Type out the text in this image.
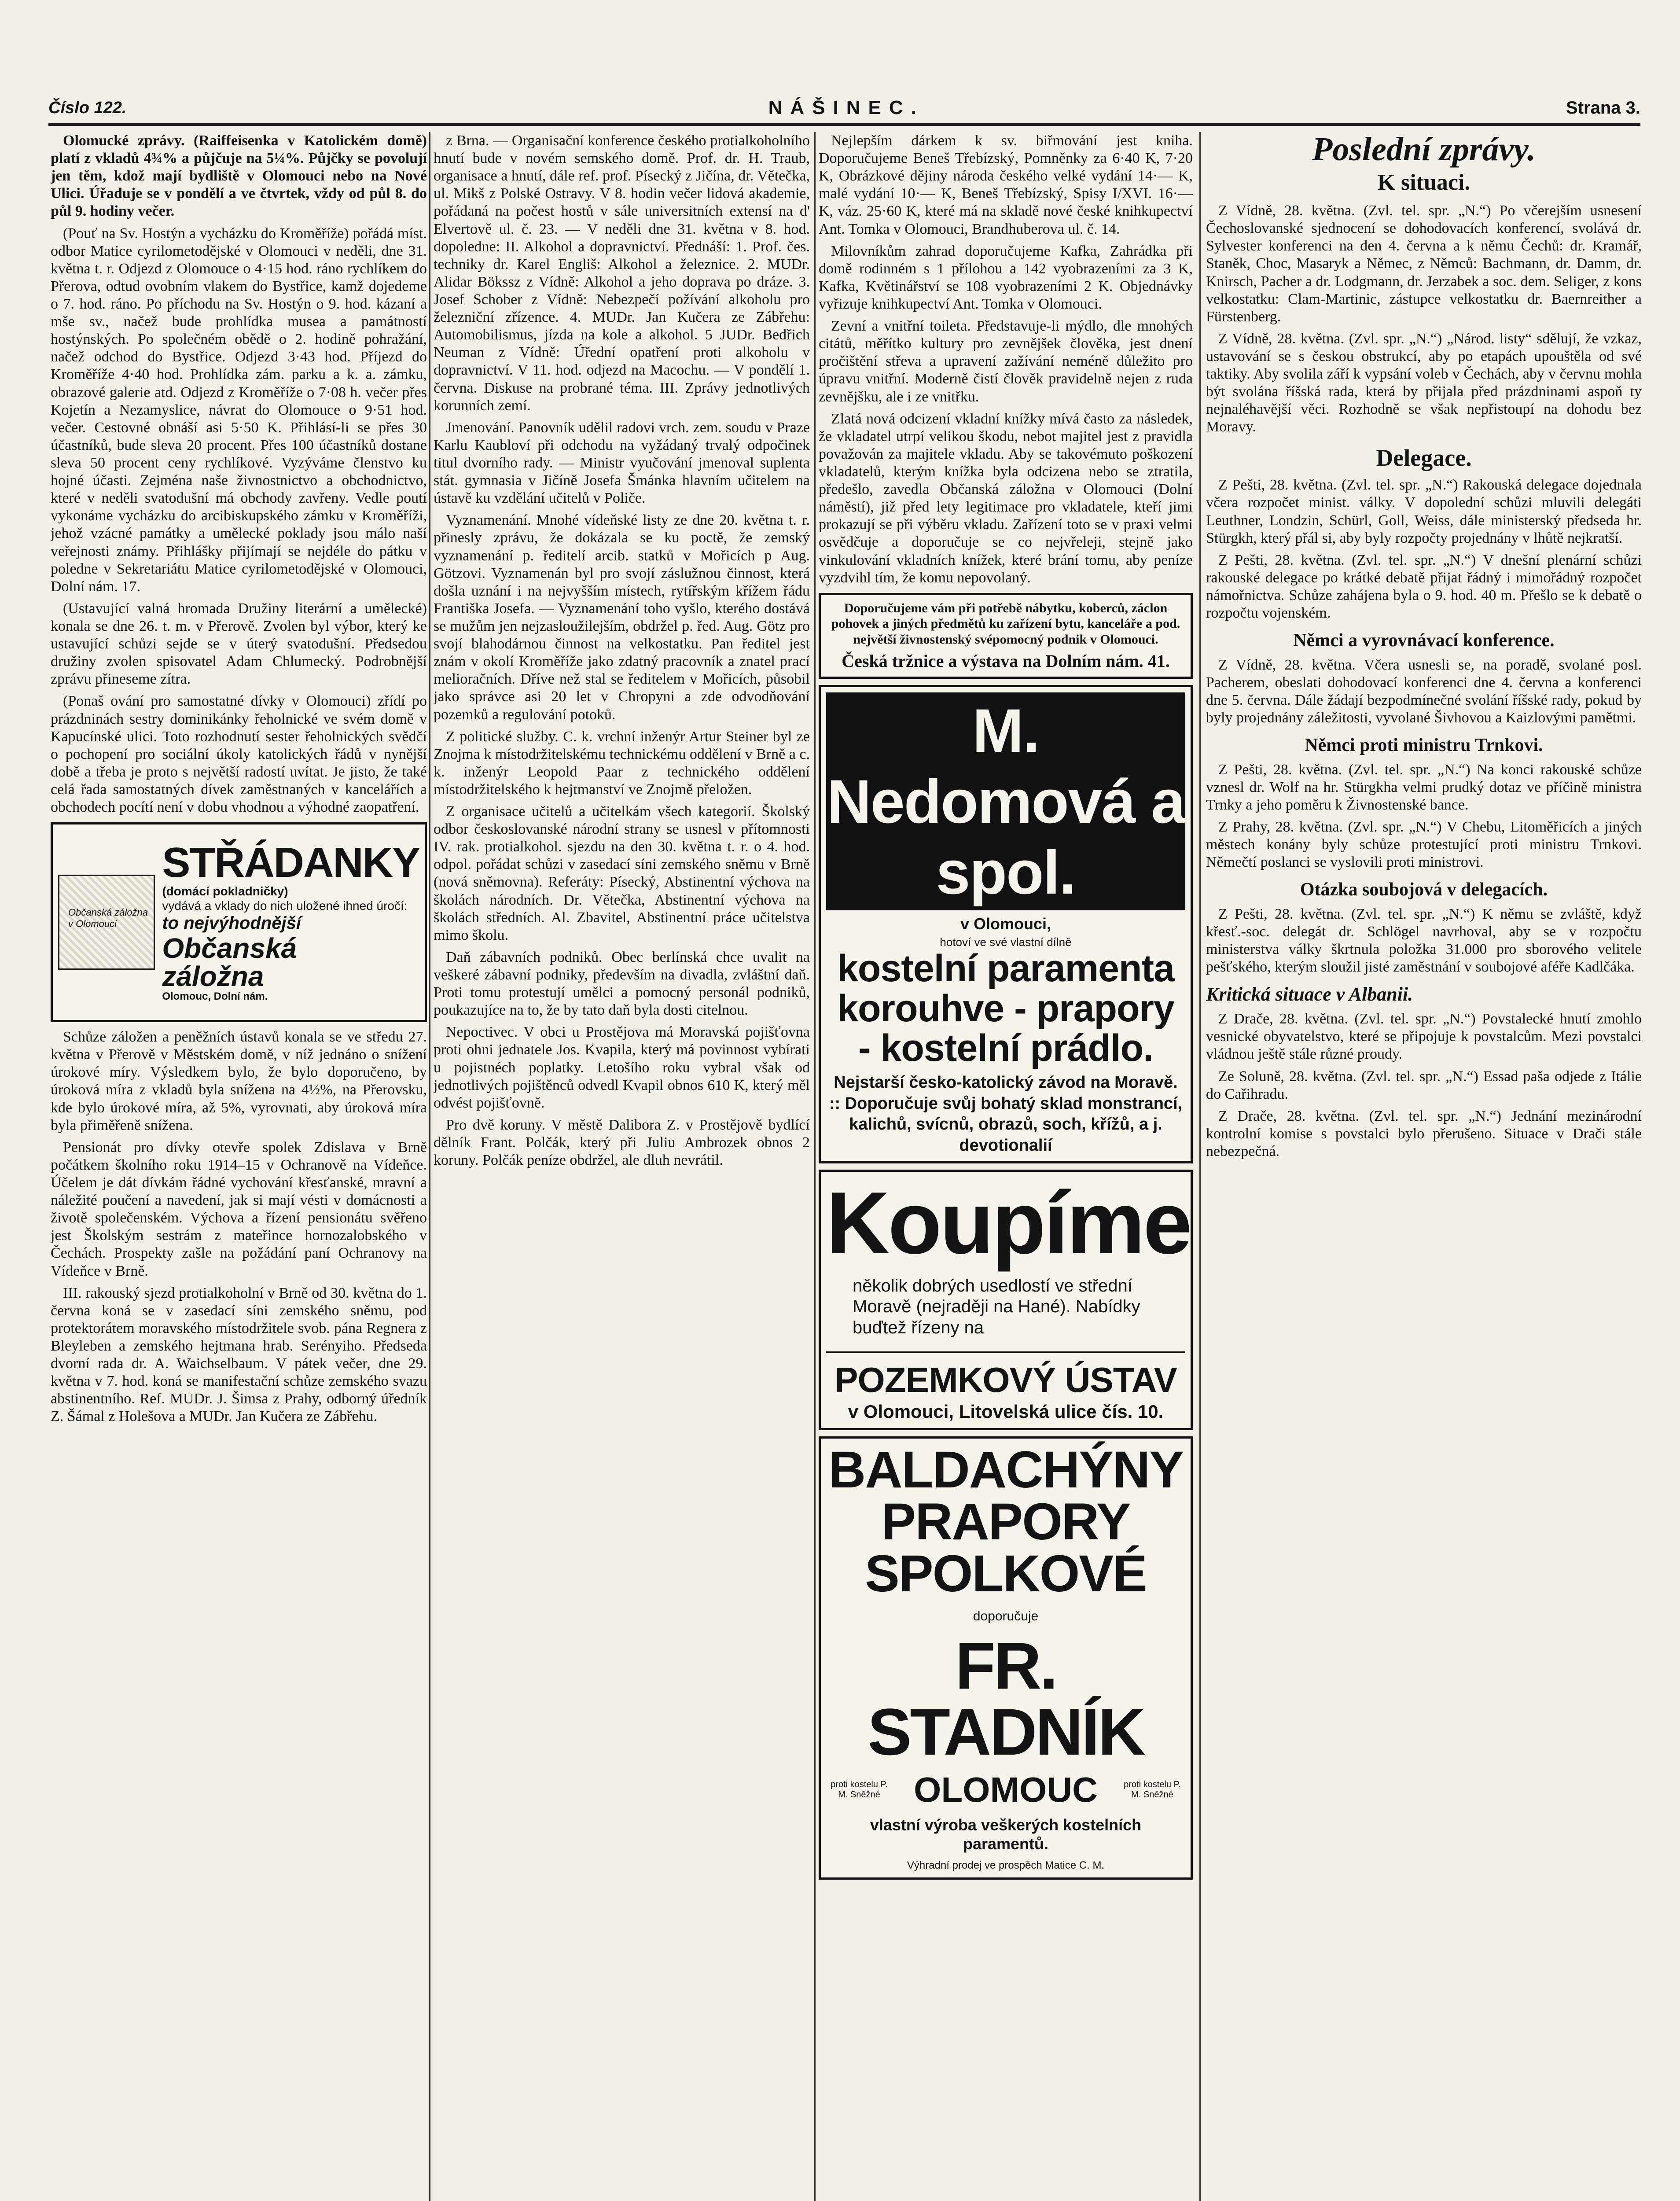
Číslo 122.	NÁŠINEC.	Strana 3.

Olomucké zprávy. (Raiffeisenka v Katolickém domě) platí z vkladů 4¾% a půjčuje na 5¼%. Půjčky se povolují jen těm, kdož mají bydliště v Olomouci nebo na Nové Ulici. Úřaduje se v pondělí a ve čtvrtek, vždy od půl 8. do půl 9. hodiny večer.

(Pouť na Sv. Hostýn a vycházku do Kroměříže) pořádá míst. odbor Matice cyrilometodějské v Olomouci v neděli, dne 31. května t. r. Odjezd z Olomouce o 4·15 hod. ráno rychlíkem do Přerova, odtud ovobním vlakem do Bystřice, kamž dojedeme o 7. hod. ráno. Po příchodu na Sv. Hostýn o 9. hod. kázaní a mše sv., načež bude prohlídka musea a památností hostýnských. Po společném obědě o 2. hodině pohražání, načež odchod do Bystřice. Odjezd 3·43 hod. Příjezd do Kroměříže 4·40 hod. Prohlídka zám. parku a k. a. zámku, obrazové galerie atd. Odjezd z Kroměříže o 7·08 h. večer přes Kojetín a Nezamyslice, návrat do Olomouce o 9·51 hod. večer. Cestovné obnáší asi 5·50 K. Přihlásí-li se přes 30 účastníků, bude sleva 20 procent. Přes 100 účastníků dostane sleva 50 procent ceny rychlíkové. Vyzýváme členstvo ku hojné účasti. Zejména naše živnostnictvo a obchodnictvo, které v neděli svatodušní má obchody zavřeny. Vedle poutí vykonáme vycházku do arcibiskupského zámku v Kroměříži, jehož vzácné památky a umělecké poklady jsou málo naší veřejnosti známy. Přihlášky přijímají se nejdéle do pátku v poledne v Sekretariátu Matice cyrilometodějské v Olomouci, Dolní nám. 17.

(Ustavující valná hromada Družiny literární a umělecké) konala se dne 26. t. m. v Přerově. Zvolen byl výbor, který ke ustavující schůzi sejde se v úterý svatodušní. Předsedou družiny zvolen spisovatel Adam Chlumecký. Podrobnější zprávu přineseme zítra.

(Ponaš ování pro samostatné dívky v Olomouci) zřídí po prázdninách sestry dominikánky řeholnické ve svém domě v Kapucínské ulici. Toto rozhodnutí sester řeholnických svědčí o pochopení pro sociální úkoly katolických řádů v nynější době a třeba je proto s největší radostí uvítat. Je jisto, že také celá řada samostatných dívek zaměstnaných v kancelářích a obchodech pocítí není v dobu vhodnou a výhodné zaopatření.

Občanská záložna v Olomouci
STŘÁDANKY
(domácí pokladničky)
vydává a vklady do nich uložené ihned úročí:
to nejvýhodnější
Občanská
záložna
Olomouc, Dolní nám.

Schůze záložen a peněžních ústavů konala se ve středu 27. května v Přerově v Městském domě, v níž jednáno o snížení úrokové míry. Výsledkem bylo, že bylo doporučeno, by úroková míra z vkladů byla snížena na 4½%, na Přerovsku, kde bylo úrokové míra, až 5%, vyrovnati, aby úroková míra byla přiměřeně snížena.

Pensionát pro dívky otevře spolek Zdislava v Brně počátkem školního roku 1914–15 v Ochranově na Vídeňce. Účelem je dát dívkám řádné vychování křesťanské, mravní a náležité poučení a navedení, jak si mají vésti v domácnosti a životě společenském. Výchova a řízení pensionátu svěřeno jest Školským sestrám z mateřince hornozalobského v Čechách. Prospekty zašle na požádání paní Ochranovy na Vídeňce v Brně.

III. rakouský sjezd protialkoholní v Brně od 30. května do 1. června koná se v zasedací síni zemského sněmu, pod protektorátem moravského místodržitele svob. pána Regnera z Bleyleben a zemského hejtmana hrab. Serényiho. Předseda dvorní rada dr. A. Waichselbaum. V pátek večer, dne 29. května v 7. hod. koná se manifestační schůze zemského svazu abstinentního. Ref. MUDr. J. Šimsa z Prahy, odborný úředník Z. Šámal z Holešova a MUDr. Jan Kučera ze Zábřehu.

z Brna. — Organisační konference českého protialkoholního hnutí bude v novém semského domě. Prof. dr. H. Traub, organisace a hnutí, dále ref. prof. Písecký z Jičína, dr. Větečka, ul. Mikš z Polské Ostravy. V 8. hodin večer lidová akademie, pořádaná na počest hostů v sále universitních extensí na d' Elvertově ul. č. 23. — V neděli dne 31. května v 8. hod. dopoledne: II. Alkohol a dopravnictví. Přednáší: 1. Prof. čes. techniky dr. Karel Engliš: Alkohol a železnice. 2. MUDr. Alidar Bökssz z Vídně: Alkohol a jeho doprava po dráze. 3. Josef Schober z Vídně: Nebezpečí požívání alkoholu pro železniční zřízence. 4. MUDr. Jan Kučera ze Zábřehu: Automobilismus, jízda na kole a alkohol. 5 JUDr. Bedřich Neuman z Vídně: Úřední opatření proti alkoholu v dopravnictví. V 11. hod. odjezd na Macochu. — V pondělí 1. června. Diskuse na probrané téma. III. Zprávy jednotlivých korunních zemí.

Jmenování. Panovník udělil radovi vrch. zem. soudu v Praze Karlu Kaubloví při odchodu na vyžádaný trvalý odpočinek titul dvorního rady. — Ministr vyučování jmenoval suplenta stát. gymnasia v Jičíně Josefa Šmánka hlavním učitelem na ústavě ku vzdělání učitelů v Poliče.

Vyznamenání. Mnohé vídeňské listy ze dne 20. května t. r. přinesly zprávu, že dokázala se ku poctě, že zemský vyznamenání p. ředitelí arcib. statků v Mořicích p Aug. Götzovi. Vyznamenán byl pro svojí záslužnou činnost, která došla uznání i na nejvyšším místech, rytířským křížem řádu Františka Josefa. — Vyznamenání toho vyšlo, kterého dostává se mužům jen nejzasloužilejším, obdržel p. řed. Aug. Götz pro svojí blahodárnou činnost na velkostatku. Pan ředitel jest znám v okolí Kroměříže jako zdatný pracovník a znatel prací melioračních. Dříve než stal se ředitelem v Mořicích, působil jako správce asi 20 let v Chropyni a zde odvodňování pozemků a regulování potoků.

Z politické služby. C. k. vrchní inženýr Artur Steiner byl ze Znojma k místodržitelskému technickému oddělení v Brně a c. k. inženýr Leopold Paar z technického oddělení místodržitelského k hejtmanství ve Znojmě přeložen.

Z organisace učitelů a učitelkám všech kategorií. Školský odbor českoslovanské národní strany se usnesl v přítomnosti IV. rak. protialkohol. sjezdu na den 30. května t. r. o 4. hod. odpol. pořádat schůzi v zasedací síni zemského sněmu v Brně (nová sněmovna). Referáty: Písecký, Abstinentní výchova na školách národních. Dr. Větečka, Abstinentní výchova na školách středních. Al. Zbavitel, Abstinentní práce učitelstva mimo školu.

Daň zábavních podniků. Obec berlínská chce uvalit na veškeré zábavní podniky, především na divadla, zvláštní daň. Proti tomu protestují umělci a pomocný personál podniků, poukazujíce na to, že by tato daň byla dosti citelnou.

Nepoctivec. V obci u Prostějova má Moravská pojišťovna proti ohni jednatele Jos. Kvapila, který má povinnost vybírati u pojistnéch poplatky. Letošího roku vybral však od jednotlivých pojištěnců odvedl Kvapil obnos 610 K, který měl odvést pojišťovně.

Pro dvě koruny. V městě Dalibora Z. v Prostějově bydlící dělník Frant. Polčák, který při Juliu Ambrozek obnos 2 koruny. Polčák peníze obdržel, ale dluh nevrátil.

Nejlepším dárkem k sv. biřmování jest kniha. Doporučujeme Beneš Třebízský, Pomněnky za 6·40 K, 7·20 K, Obrázkové dějiny národa českého velké vydání 14·— K, malé vydání 10·— K, Beneš Třebízský, Spisy I/XVI. 16·— K, váz. 25·60 K, které má na skladě nové české knihkupectví Ant. Tomka v Olomouci, Brandhuberova ul. č. 14.

Milovníkům zahrad doporučujeme Kafka, Zahrádka při domě rodinném s 1 přílohou a 142 vyobrazeními za 3 K, Kafka, Květinářství se 108 vyobrazeními 2 K. Objednávky vyřizuje knihkupectví Ant. Tomka v Olomouci.

Zevní a vnitřní toileta. Představuje-li mýdlo, dle mnohých citátů, měřítko kultury pro zevnějšek člověka, jest dnení pročištění střeva a upravení zažívání neméně důležito pro úpravu vnitřní. Moderně čistí člověk pravidelně nejen z ruda zevnějšku, ale i ze vnitřku.

Zlatá nová odcizení vkladní knížky mívá často za následek, že vkladatel utrpí velikou škodu, nebot majitel jest z pravidla považován za majitele vkladu. Aby se takovémuto poškození vkladatelů, kterým knížka byla odcizena nebo se ztratila, předešlo, zavedla Občanská záložna v Olomouci (Dolní náměstí), již před lety legitimace pro vkladatele, kteří jimi prokazují se při výběru vkladu. Zařízení toto se v praxi velmi osvědčuje a doporučuje se co nejvřeleji, stejně jako vinkulování vkladních knížek, které brání tomu, aby peníze vyzdvihl tím, že komu nepovolaný.

Doporučujeme vám při potřebě nábytku, koberců, záclon pohovek a jiných předmětů ku zařízení bytu, kanceláře a pod. největší živnostenský svépomocný podnik v Olomouci.
Česká tržnice a výstava na Dolním nám. 41.
M. Nedomová a spol.
v Olomouci,
hotoví ve své vlastní dílně
kostelní paramenta
korouhve - prapory
- kostelní prádlo.
Nejstarší česko-katolický závod na Moravě. :: Doporučuje svůj bohatý sklad monstrancí, kalichů, svícnů, obrazů, soch, křížů, a j. devotionalií
Koupíme
několik dobrých usedlostí ve střední Moravě (nejraději na Hané). Nabídky buďtež řízeny na
POZEMKOVÝ ÚSTAV
v Olomouci, Litovelská ulice čís. 10.
BALDACHÝNY PRAPORY SPOLKOVÉ
doporučuje
FR. STADNÍK
proti kostelu P. M. Sněžné OLOMOUC	proti kostelu P. M. Sněžné
vlastní výroba veškerých kostelních paramentů.
Výhradní prodej ve prospěch Matice C. M.
Poslední zprávy.
K situaci.

Z Vídně, 28. května. (Zvl. tel. spr. „N.“) Po včerejším usnesení Čechoslovanské sjednocení se dohodovacích konferencí, svolává dr. Sylvester konferenci na den 4. června a k němu Čechů: dr. Kramář, Staněk, Choc, Masaryk a Němec, z Němců: Bachmann, dr. Damm, dr. Knirsch, Pacher a dr. Lodgmann, dr. Jerzabek a soc. dem. Seliger, z kons velkostatku: Clam-Martinic, zástupce velkostatku dr. Baernreither a Fürstenberg.

Z Vídně, 28. května. (Zvl. spr. „N.“) „Národ. listy“ sdělují, že vzkaz, ustavování se s českou obstrukcí, aby po etapách upouštěla od své taktiky. Aby svolila září k vypsání voleb v Čechách, aby v červnu mohla být svolána říšská rada, která by přijala před prázdninami aspoň ty nejnaléhavější věci. Rozhodně se však nepřistoupí na dohodu bez Moravy.

Delegace.

Z Pešti, 28. května. (Zvl. tel. spr. „N.“) Rakouská delegace dojednala včera rozpočet minist. války. V dopolední schůzi mluvili delegáti Leuthner, Londzin, Schürl, Goll, Weiss, dále ministerský předseda hr. Stürgkh, který přál si, aby byly rozpočty projednány v lhůtě nejkratší.

Z Pešti, 28. května. (Zvl. tel. spr. „N.“) V dnešní plenární schůzi rakouské delegace po krátké debatě přijat řádný i mimořádný rozpočet námořnictva. Schůze zahájena byla o 9. hod. 40 m. Přešlo se k debatě o rozpočtu vojenském.

Němci a vyrovnávací konference.

Z Vídně, 28. května. Včera usnesli se, na poradě, svolané posl. Pacherem, obeslati dohodovací konferenci dne 4. června a konferenci dne 5. června. Dále žádají bezpodmínečné svolání říšské rady, pokud by byly projednány záležitosti, vyvolané Šivhovou a Kaizlovými pamětmi.

Němci proti ministru Trnkovi.

Z Pešti, 28. května. (Zvl. tel. spr. „N.“) Na konci rakouské schůze vznesl dr. Wolf na hr. Stürgkha velmi prudký dotaz ve příčině ministra Trnky a jeho poměru k Živnostenské bance.

Z Prahy, 28. května. (Zvl. spr. „N.“) V Chebu, Litoměřicích a jiných městech konány byly schůze protestující proti ministru Trnkovi. Němečtí poslanci se vyslovili proti ministrovi.

Otázka soubojová v delegacích.

Z Pešti, 28. května. (Zvl. tel. spr. „N.“) K němu se zvláště, když křesť.-soc. delegát dr. Schlögel navrhoval, aby se v rozpočtu ministerstva války škrtnula položka 31.000 pro sborového velitele pešťského, kterým sloužil jisté zaměstnání v soubojové aféře Kadlčáka.

Kritická situace v Albanii.

Z Drače, 28. května. (Zvl. tel. spr. „N.“) Povstalecké hnutí zmohlo vesnické obyvatelstvo, které se připojuje k povstalcům. Mezi povstalci vládnou ještě stále různé proudy.

Ze Soluně, 28. května. (Zvl. tel. spr. „N.“) Essad paša odjede z Itálie do Cařihradu.

Z Drače, 28. května. (Zvl. tel. spr. „N.“) Jednání mezinárodní kontrolní komise s povstalci bylo přerušeno. Situace v Drači stále nebezpečná.
